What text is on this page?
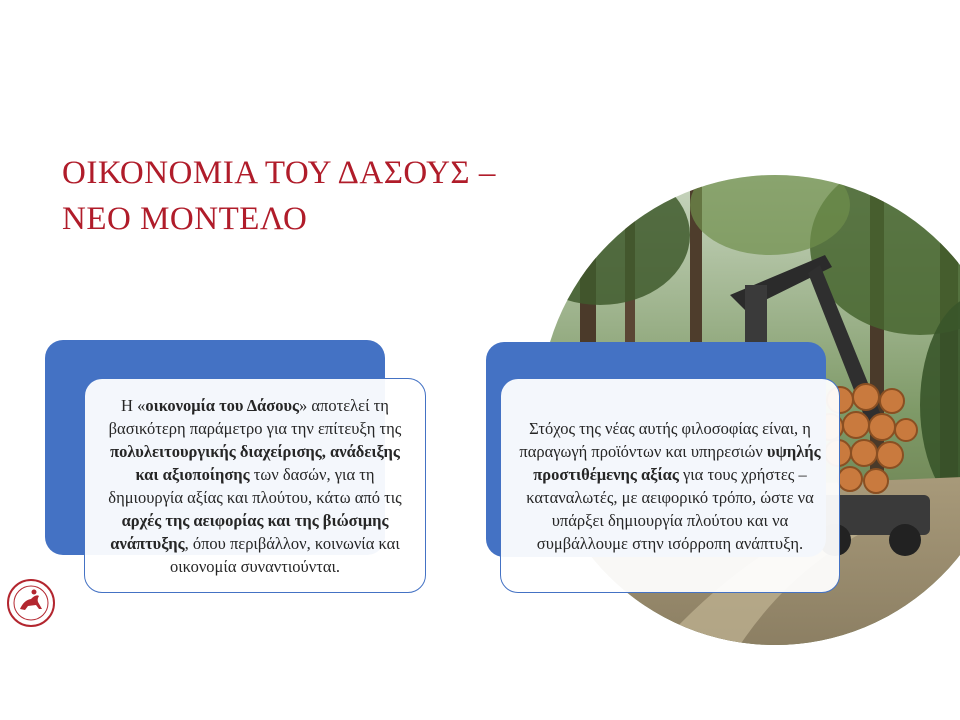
ΟΙΚΟΝΟΜΙΑ ΤΟΥ ΔΑΣΟΥΣ –
ΝΕΟ ΜΟΝΤΕΛΟ

Η «οικονομία του Δάσους» αποτελεί τη βασικότερη παράμετρο για την επίτευξη της πολυλειτουργικής διαχείρισης, ανάδειξης και αξιοποίησης των δασών, για τη δημιουργία αξίας και πλούτου, κάτω από τις αρχές της αειφορίας και της βιώσιμης ανάπτυξης, όπου περιβάλλον, κοινωνία και οικονομία συναντιούνται.

Στόχος της νέας αυτής φιλοσοφίας είναι, η παραγωγή προϊόντων και υπηρεσιών υψηλής προστιθέμενης αξίας για τους χρήστες – καταναλωτές, με αειφορικό τρόπο, ώστε να υπάρξει δημιουργία πλούτου και να συμβάλλουμε στην ισόρροπη ανάπτυξη.
